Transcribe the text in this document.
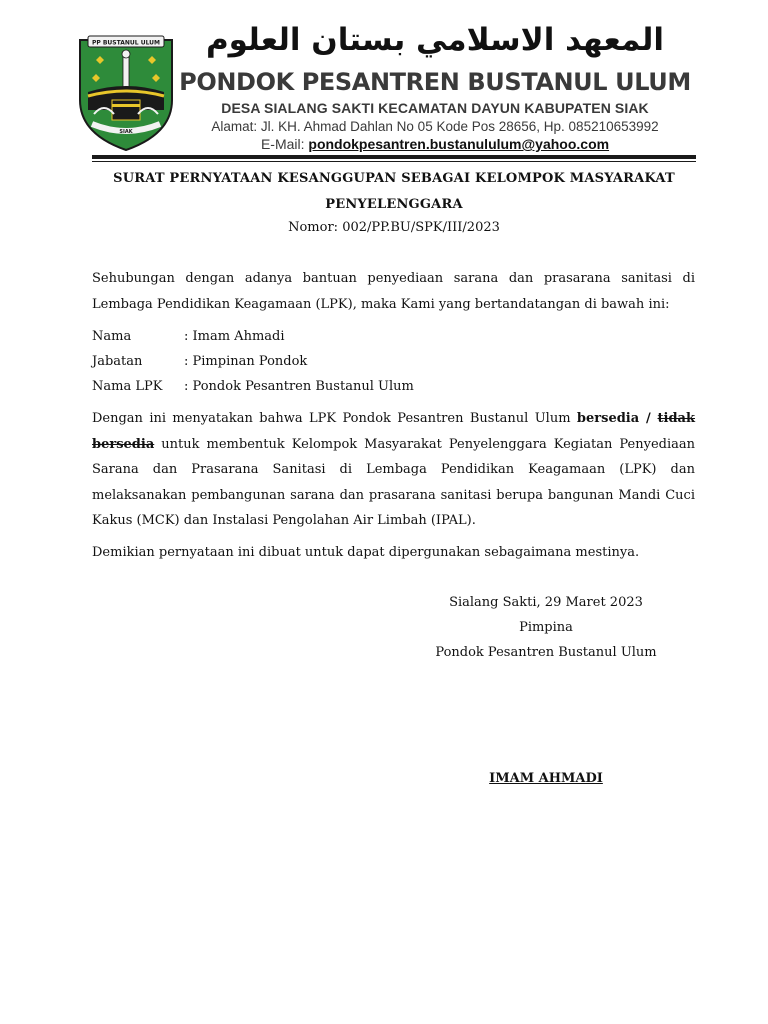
PP BUSTANUL ULUM
SIAK
المعهد الاسلامي بستان العلوم
PONDOK PESANTREN BUSTANUL ULUM
DESA SIALANG SAKTI KECAMATAN DAYUN KABUPATEN SIAK
Alamat: Jl. KH. Ahmad Dahlan No 05 Kode Pos 28656, Hp. 085210653992
E-Mail: pondokpesantren.bustanululum@yahoo.com
SURAT PERNYATAAN KESANGGUPAN SEBAGAI KELOMPOK MASYARAKAT
PENYELENGGARA
Nomor: 002/PP.BU/SPK/III/2023
Sehubungan dengan adanya bantuan penyediaan sarana dan prasarana sanitasi di Lembaga Pendidikan Keagamaan (LPK), maka Kami yang bertandatangan di bawah ini:
Nama	: Imam Ahmadi
Jabatan	: Pimpinan Pondok
Nama LPK : Pondok Pesantren Bustanul Ulum
Dengan ini menyatakan bahwa LPK Pondok Pesantren Bustanul Ulum bersedia / tidak bersedia untuk membentuk Kelompok Masyarakat Penyelenggara Kegiatan Penyediaan Sarana dan Prasarana Sanitasi di Lembaga Pendidikan Keagamaan (LPK) dan melaksanakan pembangunan sarana dan prasarana sanitasi berupa bangunan Mandi Cuci Kakus (MCK) dan Instalasi Pengolahan Air Limbah (IPAL).
Demikian pernyataan ini dibuat untuk dapat dipergunakan sebagaimana mestinya.
Sialang Sakti, 29 Maret 2023
Pimpina
Pondok Pesantren Bustanul Ulum
IMAM AHMADI
